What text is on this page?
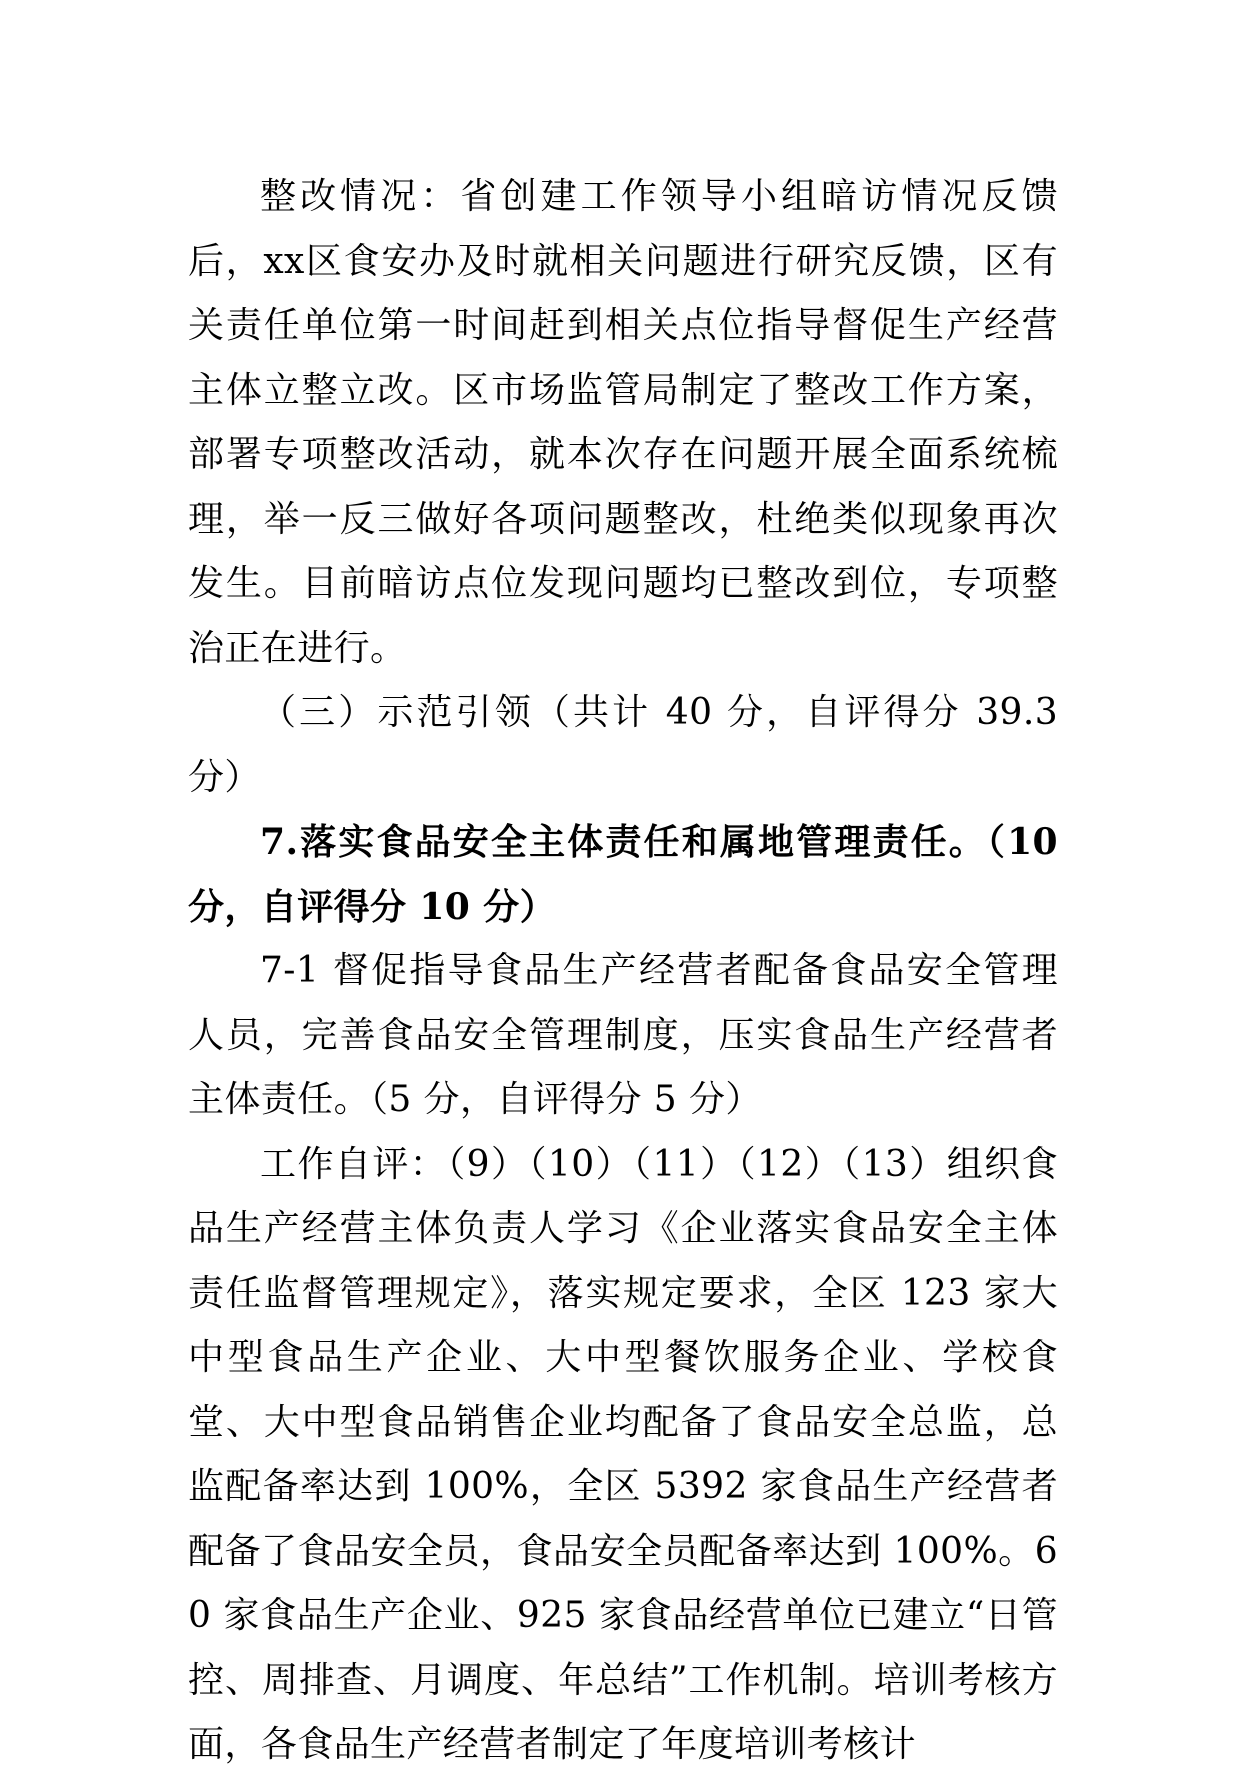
整改情况：省创建工作领导小组暗访情况反馈后，xx区食安办及时就相关问题进行研究反馈，区有关责任单位第一时间赶到相关点位指导督促生产经营主体立整立改。区市场监管局制定了整改工作方案，部署专项整改活动，就本次存在问题开展全面系统梳理，举一反三做好各项问题整改，杜绝类似现象再次发生。目前暗访点位发现问题均已整改到位，专项整治正在进行。

（三）示范引领（共计 40 分，自评得分 39.3 分）

7.落实食品安全主体责任和属地管理责任。（10 分，自评得分 10 分）

7-1 督促指导食品生产经营者配备食品安全管理人员，完善食品安全管理制度，压实食品生产经营者主体责任。（5 分，自评得分 5 分）

工作自评：（9）（10）（11）（12）（13）组织食品生产经营主体负责人学习《企业落实食品安全主体责任监督管理规定》，落实规定要求，全区 123 家大中型食品生产企业、大中型餐饮服务企业、学校食堂、大中型食品销售企业均配备了食品安全总监，总监配备率达到 100%，全区 5392 家食品生产经营者配备了食品安全员，食品安全员配备率达到 100%。60 家食品生产企业、925 家食品经营单位已建立“日管控、周排查、月调度、年总结”工作机制。培训考核方面，各食品生产经营者制定了年度培训考核计
